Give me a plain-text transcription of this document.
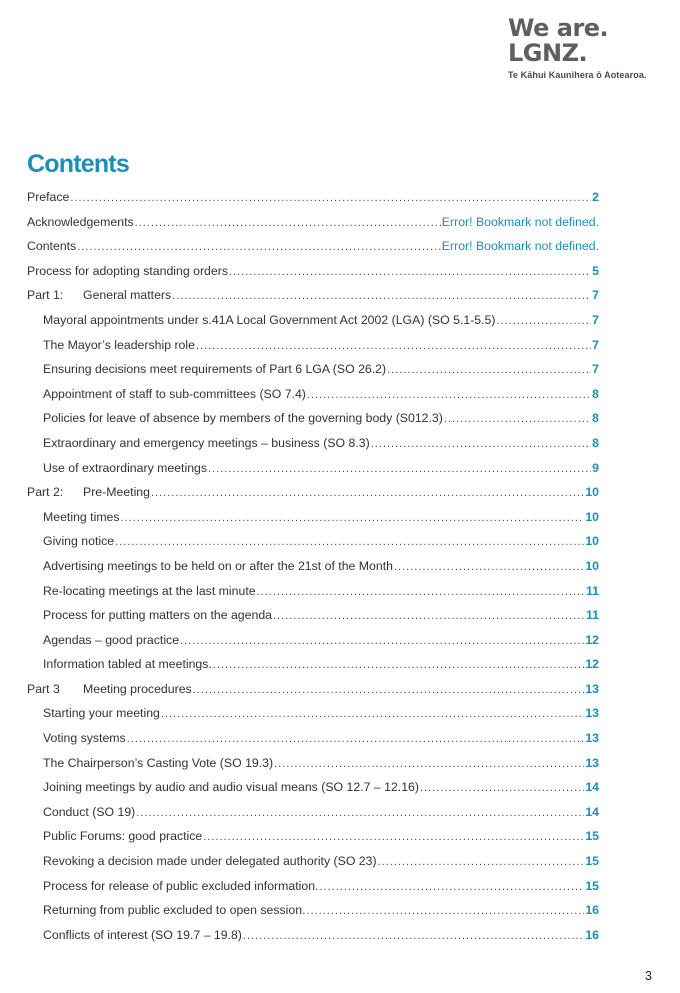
We are.
LGNZ.
Te Kāhui Kaunihera ō Aotearoa.
Contents
Preface .....	2
Acknowledgements .....	Error! Bookmark not defined.
Contents .....	Error! Bookmark not defined.
Process for adopting standing orders .....	5
Part 1: General matters .....	7
Mayoral appointments under s.41A Local Government Act 2002 (LGA) (SO 5.1-5.5) .....	7
The Mayor’s leadership role .....	7
Ensuring decisions meet requirements of Part 6 LGA (SO 26.2) .....	7
Appointment of staff to sub-committees (SO 7.4) .....	8
Policies for leave of absence by members of the governing body (S012.3) .....	8
Extraordinary and emergency meetings – business (SO 8.3) .....	8
Use of extraordinary meetings .....	9
Part 2: Pre-Meeting .....	10
Meeting times .....	10
Giving notice .....	10
Advertising meetings to be held on or after the 21st of the Month .....	10
Re-locating meetings at the last minute .....	11
Process for putting matters on the agenda .....	11
Agendas – good practice .....	12
Information tabled at meetings. .....	12
Part 3 Meeting procedures .....	13
Starting your meeting .....	13
Voting systems .....	13
The Chairperson’s Casting Vote (SO 19.3) .....	13
Joining meetings by audio and audio visual means (SO 12.7 – 12.16) .....	14
Conduct (SO 19) .....	14
Public Forums: good practice .....	15
Revoking a decision made under delegated authority (SO 23) .....	15
Process for release of public excluded information. .....	15
Returning from public excluded to open session. .....	16
Conflicts of interest (SO 19.7 – 19.8) .....	16
3
